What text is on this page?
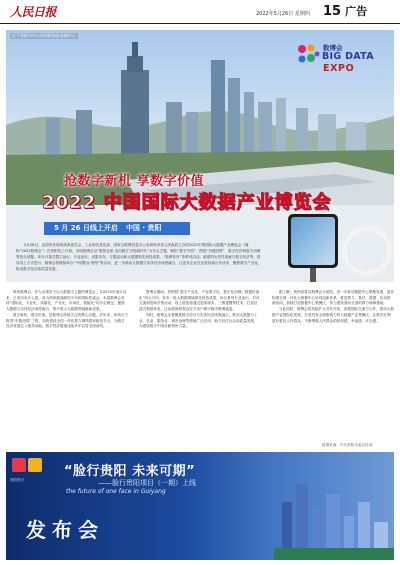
人民日报	2022年5月26日 星期四 15 广告
位于贵阳市中心的贵阳国际金融中心
数博会
BIG DATA
EXPO
抢数字新机 享数字价值
2022 中国国际大数据产业博览会
5 月 26 日线上开启 中国 · 贵阳
5月26日，由国家发展和改革委员会、工业和信息化部、国家互联网信息办公室和贵州省人民政府主办的2022中国国际大数据产业博览会（简称“2022数博会”）在贵阳线上开幕。本届数博会以“数智变革 迈向数字文明新时代”为年会主题，紧扣“数字中国”，围绕“东数西算”、数字经济和数字治理等热点话题，举办开幕式暨主论坛、专业论坛、成果发布、专题活动和大数据领先科技成果、“数博发布”等系列活动。新建的历史性成就与数字经济等，将以线上方式进行。数博会将继续举办“中国数谷·贵阳”等活动，进一步推动大数据与实体经济深度融合，让更多企业在这里找到合作伙伴，聚焦数字产业化，推动数字经济高质量发展。

贵州数博会，作为全球首个以大数据为主题的博览会，自2015年创办以来，已成功举办七届，成为国家级战略性平台和国际性盛会。本届数博会坚持“国际化、专业化、高端化、产业化、市场化、智能化”的办会理念，聚焦大数据与实体经济深度融合，集中展示大数据领域最新成果。

数字新机、数字价值，是数博会持续关注的核心议题。多年来，贵州大力推进“东数西算”工程，加快建设全国一体化算力网络国家枢纽节点，为数字经济发展注入强劲动能。数字经济增速连续多年位居全国前列。

数博会期间，将围绕“数字产业化、产业数字化、数字化治理、数据价值化”四大方向，发布一批大数据领域领先科技成果，举办系列专业论坛、对话交流和招商引资活动。线上展览将通过虚拟现实、三维建模等技术，打造沉浸式观展体验，让参展商和观众足不出户即可畅享数博盛宴。

同时，数博会还将聚焦数字经济与实体经济深度融合，推动大数据与工业、农业、服务业、城市治理等领域广泛应用，助力经济社会高质量发展，为建设数字中国贡献贵州力量。

据了解，贵州省将以数博会为契机，进一步推动数据中心集聚发展，加快构建全国一体化大数据中心协同创新体系，推进算力、算法、数据、应用资源协同，持续打造数据中心集聚区，努力建设面向全国的算力保障基地。

与此同时，数博会将持续扩大对外开放，加强国际交流与合作，推动大数据产业国际化发展，打造具有全球影响力的大数据产业集聚区，让数字红利更好惠及人民群众，不断增强人民群众的获得感、幸福感、安全感。

数据来源：中共贵阳市委宣传部
贵阳贵安
“脸行贵阳 未来可期”
——脸行贵阳项目（一期）上线
the future of one face in Guiyang
发布会
